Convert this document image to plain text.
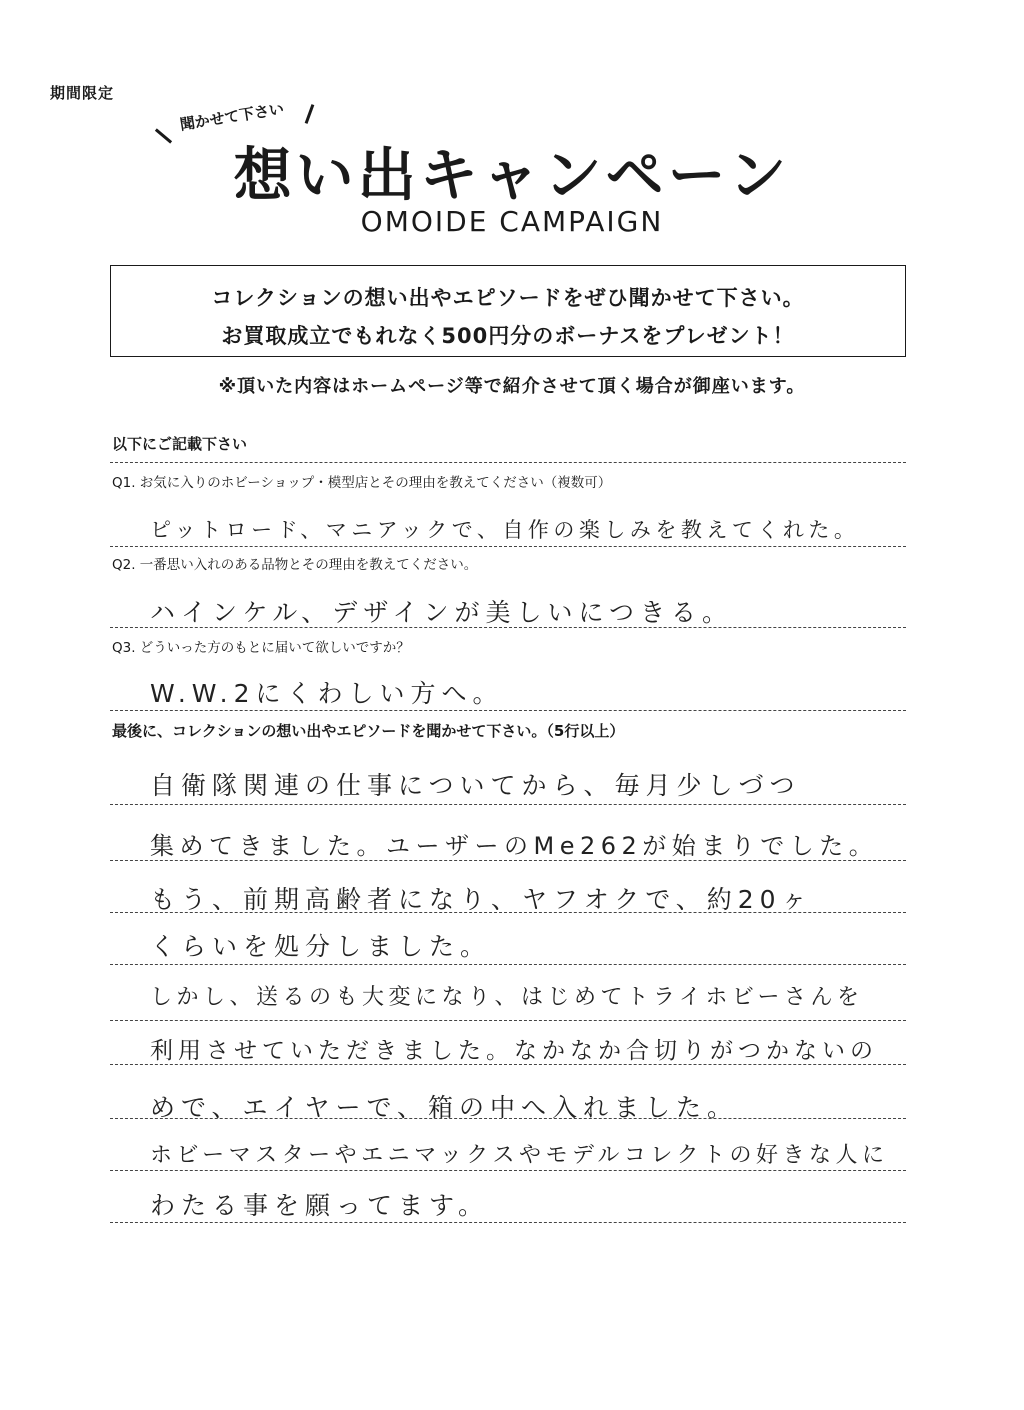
期間限定
聞かせて下さい
想い出キャンペーン
OMOIDE CAMPAIGN
コレクションの想い出やエピソードをぜひ聞かせて下さい。
お買取成立でもれなく500円分のボーナスをプレゼント！
※頂いた内容はホームページ等で紹介させて頂く場合が御座います。
以下にご記載下さい
Q1. お気に入りのホビーショップ・模型店とその理由を教えてください（複数可）
ピットロード、マニアックで、自作の楽しみを教えてくれた。
Q2. 一番思い入れのある品物とその理由を教えてください。
ハインケル、デザインが美しいにつきる。
Q3. どういった方のもとに届いて欲しいですか？
W.W.2にくわしい方へ。
最後に、コレクションの想い出やエピソードを聞かせて下さい。（5行以上）
自衛隊関連の仕事についてから、毎月少しづつ
集めてきました。ユーザーのMe262が始まりでした。
もう、前期高齢者になり、ヤフオクで、約20ヶ
くらいを処分しました。
しかし、送るのも大変になり、はじめてトライホビーさんを
利用させていただきました。なかなか合切りがつかないの
めで、エイヤーで、箱の中へ入れました。
ホビーマスターやエニマックスやモデルコレクトの好きな人に
わたる事を願ってます。
